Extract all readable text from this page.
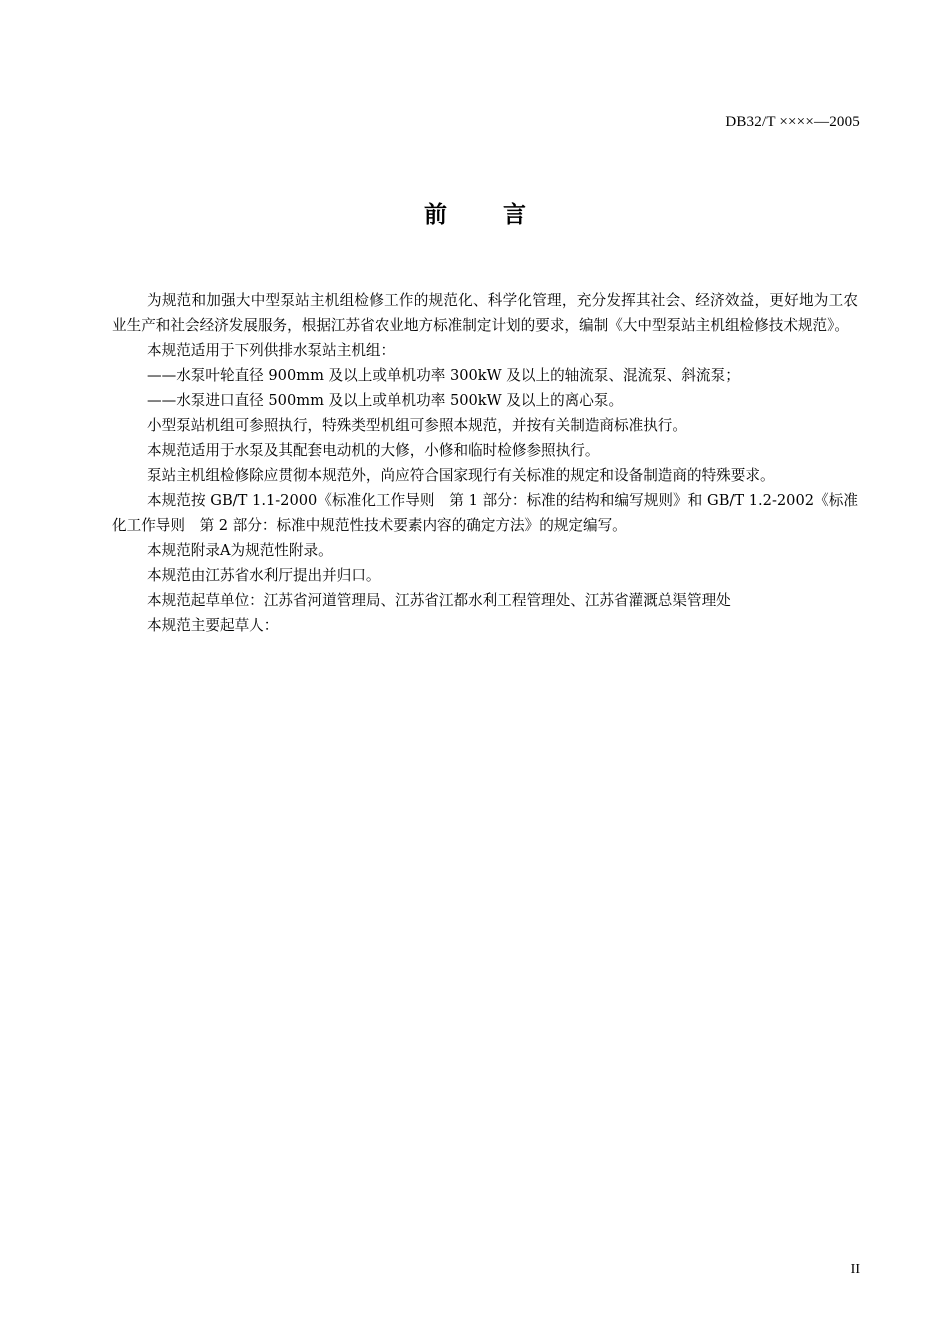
DB32/T ××××—2005
前言

为规范和加强大中型泵站主机组检修工作的规范化、科学化管理，充分发挥其社会、经济效益，更好地为工农业生产和社会经济发展服务，根据江苏省农业地方标准制定计划的要求，编制《大中型泵站主机组检修技术规范》。

本规范适用于下列供排水泵站主机组：

——水泵叶轮直径 900mm 及以上或单机功率 300kW 及以上的轴流泵、混流泵、斜流泵；

——水泵进口直径 500mm 及以上或单机功率 500kW 及以上的离心泵。

小型泵站机组可参照执行，特殊类型机组可参照本规范，并按有关制造商标准执行。

本规范适用于水泵及其配套电动机的大修，小修和临时检修参照执行。

泵站主机组检修除应贯彻本规范外，尚应符合国家现行有关标准的规定和设备制造商的特殊要求。

本规范按 GB/T 1.1-2000《标准化工作导则　第 1 部分：标准的结构和编写规则》和 GB/T 1.2-2002《标准化工作导则　第 2 部分：标准中规范性技术要素内容的确定方法》的规定编写。

本规范附录A为规范性附录。

本规范由江苏省水利厅提出并归口。

本规范起草单位：江苏省河道管理局、江苏省江都水利工程管理处、江苏省灌溉总渠管理处

本规范主要起草人：

II
